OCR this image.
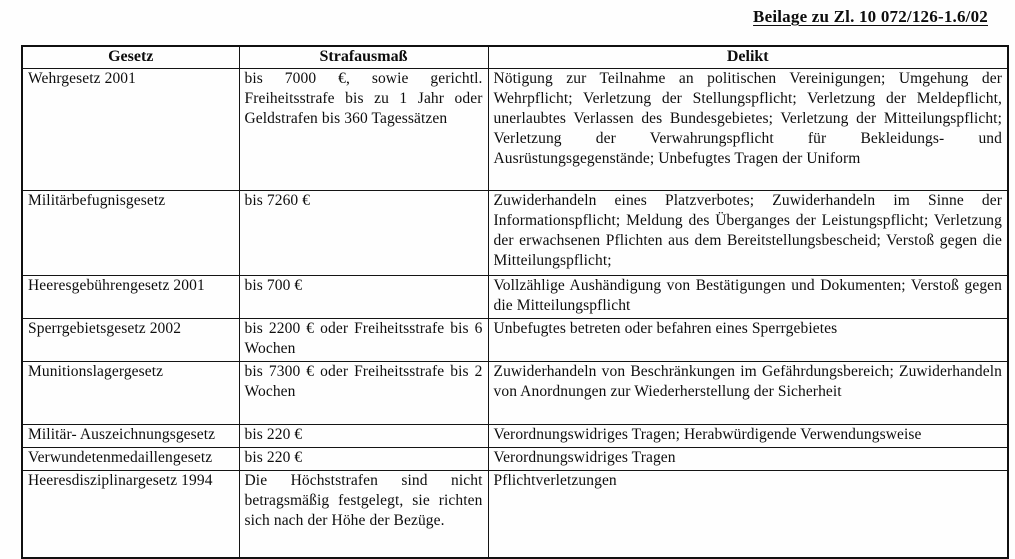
Beilage zu Zl. 10 072/126-1.6/02
Gesetz	Strafausmaß	Delikt
Wehrgesetz 2001	bis 7000 €, sowie gerichtl. Freiheitsstrafe bis zu 1 Jahr oder Geldstrafen bis 360 Tagessätzen	Nötigung zur Teilnahme an politischen Vereinigungen; Umgehung der Wehrpflicht; Verletzung der Stellungspflicht; Verletzung der Meldepflicht, unerlaubtes Verlassen des Bundesgebietes; Verletzung der Mitteilungspflicht; Verletzung der Verwahrungspflicht für Bekleidungs- und Ausrüstungsgegenstände; Unbefugtes Tragen der Uniform
Militärbefugnisgesetz	bis 7260 €	Zuwiderhandeln eines Platzverbotes; Zuwiderhandeln im Sinne der Informationspflicht; Meldung des Überganges der Leistungspflicht; Verletzung der erwachsenen Pflichten aus dem Bereitstellungsbescheid; Verstoß gegen die Mitteilungspflicht;
Heeresgebührengesetz 2001	bis 700 €	Vollzählige Aushändigung von Bestätigungen und Dokumenten; Verstoß gegen die Mitteilungspflicht
Sperrgebietsgesetz 2002	bis 2200 € oder Freiheitsstrafe bis 6 Wochen	Unbefugtes betreten oder befahren eines Sperrgebietes
Munitionslagergesetz	bis 7300 € oder Freiheitsstrafe bis 2 Wochen	Zuwiderhandeln von Beschränkungen im Gefährdungsbereich; Zuwiderhandeln von Anordnungen zur Wiederherstellung der Sicherheit
Militär- Auszeichnungsgesetz	bis 220 €	Verordnungswidriges Tragen; Herabwürdigende Verwendungsweise
Verwundetenmedaillengesetz	bis 220 €	Verordnungswidriges Tragen
Heeresdisziplinargesetz 1994	Die Höchststrafen sind nicht betragsmäßig festgelegt, sie richten sich nach der Höhe der Bezüge.	Pflichtverletzungen
